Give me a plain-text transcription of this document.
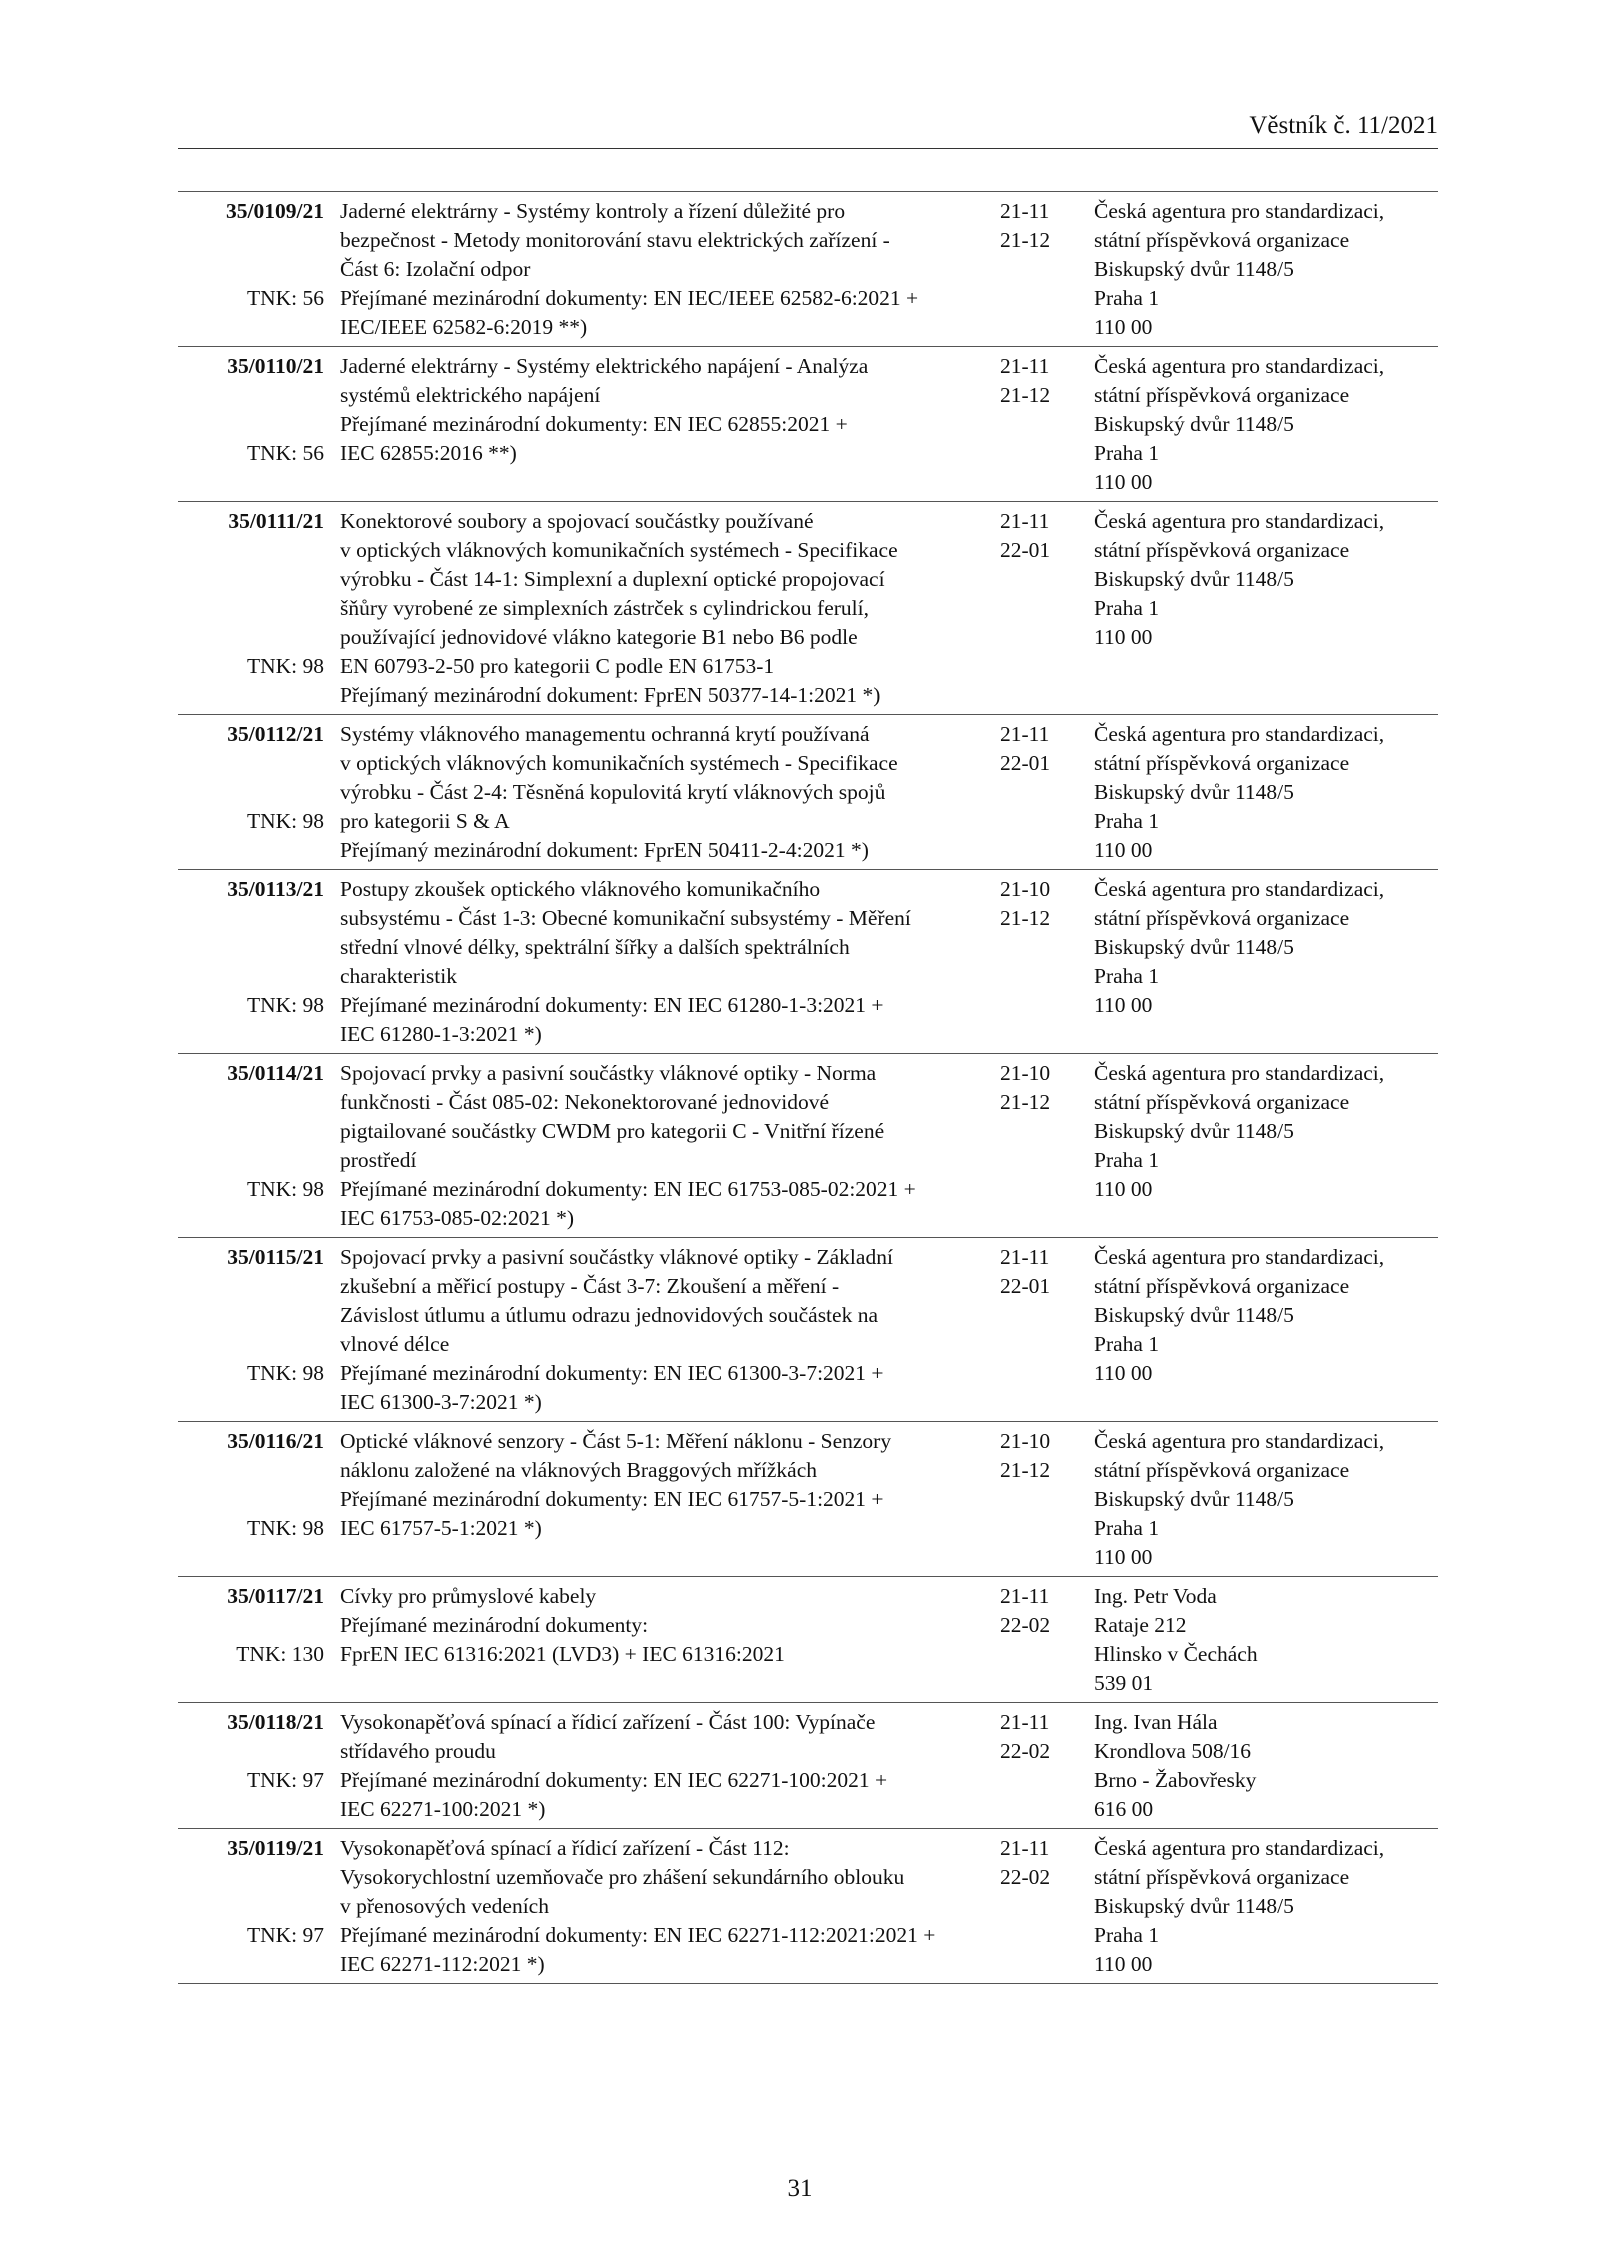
Věstník č. 11/2021
35/0109/21
TNK: 56
Jaderné elektrárny - Systémy kontroly a řízení důležité pro
bezpečnost - Metody monitorování stavu elektrických zařízení -
Část 6: Izolační odpor
Přejímané mezinárodní dokumenty: EN IEC/IEEE 62582-6:2021 +
IEC/IEEE 62582-6:2019 **)
21-11
21-12
Česká agentura pro standardizaci,
státní příspěvková organizace
Biskupský dvůr 1148/5
Praha 1
110 00
35/0110/21
TNK: 56
Jaderné elektrárny - Systémy elektrického napájení - Analýza
systémů elektrického napájení
Přejímané mezinárodní dokumenty: EN IEC 62855:2021 +
IEC 62855:2016 **)
21-11
21-12
Česká agentura pro standardizaci,
státní příspěvková organizace
Biskupský dvůr 1148/5
Praha 1
110 00
35/0111/21
TNK: 98
Konektorové soubory a spojovací součástky používané
v optických vláknových komunikačních systémech - Specifikace
výrobku - Část 14-1: Simplexní a duplexní optické propojovací
šňůry vyrobené ze simplexních zástrček s cylindrickou ferulí,
používající jednovidové vlákno kategorie B1 nebo B6 podle
EN 60793-2-50 pro kategorii C podle EN 61753-1
Přejímaný mezinárodní dokument: FprEN 50377-14-1:2021 *)
21-11
22-01
Česká agentura pro standardizaci,
státní příspěvková organizace
Biskupský dvůr 1148/5
Praha 1
110 00
35/0112/21
TNK: 98
Systémy vláknového managementu ochranná krytí používaná
v optických vláknových komunikačních systémech - Specifikace
výrobku - Část 2-4: Těsněná kopulovitá krytí vláknových spojů
pro kategorii S & A
Přejímaný mezinárodní dokument: FprEN 50411-2-4:2021 *)
21-11
22-01
Česká agentura pro standardizaci,
státní příspěvková organizace
Biskupský dvůr 1148/5
Praha 1
110 00
35/0113/21
TNK: 98
Postupy zkoušek optického vláknového komunikačního
subsystému - Část 1-3: Obecné komunikační subsystémy - Měření
střední vlnové délky, spektrální šířky a dalších spektrálních
charakteristik
Přejímané mezinárodní dokumenty: EN IEC 61280-1-3:2021 +
IEC 61280-1-3:2021 *)
21-10
21-12
Česká agentura pro standardizaci,
státní příspěvková organizace
Biskupský dvůr 1148/5
Praha 1
110 00
35/0114/21
TNK: 98
Spojovací prvky a pasivní součástky vláknové optiky - Norma
funkčnosti - Část 085-02: Nekonektorované jednovidové
pigtailované součástky CWDM pro kategorii C - Vnitřní řízené
prostředí
Přejímané mezinárodní dokumenty: EN IEC 61753-085-02:2021 +
IEC 61753-085-02:2021 *)
21-10
21-12
Česká agentura pro standardizaci,
státní příspěvková organizace
Biskupský dvůr 1148/5
Praha 1
110 00
35/0115/21
TNK: 98
Spojovací prvky a pasivní součástky vláknové optiky - Základní
zkušební a měřicí postupy - Část 3-7: Zkoušení a měření -
Závislost útlumu a útlumu odrazu jednovidových součástek na
vlnové délce
Přejímané mezinárodní dokumenty: EN IEC 61300-3-7:2021 +
IEC 61300-3-7:2021 *)
21-11
22-01
Česká agentura pro standardizaci,
státní příspěvková organizace
Biskupský dvůr 1148/5
Praha 1
110 00
35/0116/21
TNK: 98
Optické vláknové senzory - Část 5-1: Měření náklonu - Senzory
náklonu založené na vláknových Braggových mřížkách
Přejímané mezinárodní dokumenty: EN IEC 61757-5-1:2021 +
IEC 61757-5-1:2021 *)
21-10
21-12
Česká agentura pro standardizaci,
státní příspěvková organizace
Biskupský dvůr 1148/5
Praha 1
110 00
35/0117/21
TNK: 130
Cívky pro průmyslové kabely
Přejímané mezinárodní dokumenty:
FprEN IEC 61316:2021 (LVD3) + IEC 61316:2021
21-11
22-02
Ing. Petr Voda
Rataje 212
Hlinsko v Čechách
539 01
35/0118/21
TNK: 97
Vysokonapěťová spínací a řídicí zařízení - Část 100: Vypínače
střídavého proudu
Přejímané mezinárodní dokumenty: EN IEC 62271-100:2021 +
IEC 62271-100:2021 *)
21-11
22-02
Ing. Ivan Hála
Krondlova 508/16
Brno - Žabovřesky
616 00
35/0119/21
TNK: 97
Vysokonapěťová spínací a řídicí zařízení - Část 112:
Vysokorychlostní uzemňovače pro zhášení sekundárního oblouku
v přenosových vedeních
Přejímané mezinárodní dokumenty: EN IEC 62271-112:2021:2021 +
IEC 62271-112:2021 *)
21-11
22-02
Česká agentura pro standardizaci,
státní příspěvková organizace
Biskupský dvůr 1148/5
Praha 1
110 00
31
